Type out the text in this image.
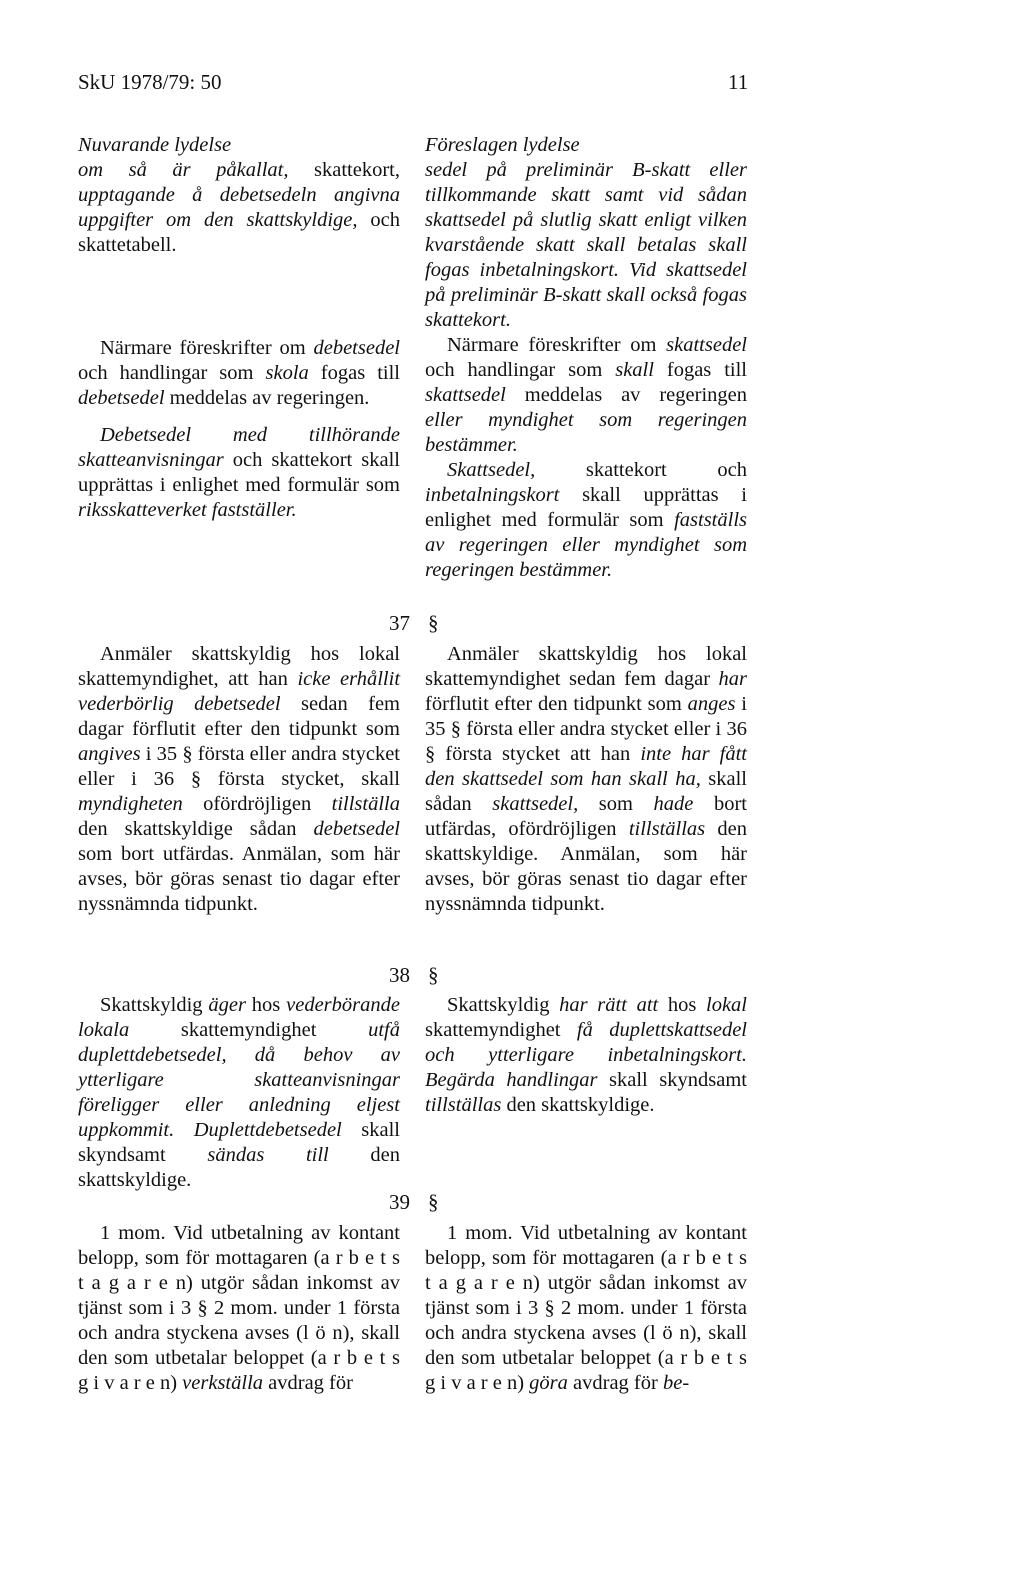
SkU 1978/79: 50	11

Nuvarande lydelse

om så är påkallat, skattekort, upptagande å debetsedeln angivna uppgifter om den skattskyldige, och skattetabell.

Närmare föreskrifter om debetsedel och handlingar som skola fogas till debetsedel meddelas av regeringen.

Debetsedel med tillhörande skatteanvisningar och skattekort skall upprättas i enlighet med formulär som riksskatteverket fastställer.

Föreslagen lydelse

sedel på preliminär B-skatt eller tillkommande skatt samt vid sådan skattsedel på slutlig skatt enligt vilken kvarstående skatt skall betalas skall fogas inbetalningskort. Vid skattsedel på preliminär B-skatt skall också fogas skattekort.

Närmare föreskrifter om skattsedel och handlingar som skall fogas till skattsedel meddelas av regeringen eller myndighet som regeringen bestämmer.

Skattsedel, skattekort och inbetalningskort skall upprättas i enlighet med formulär som fastställs av regeringen eller myndighet som regeringen bestämmer.

37 §

Anmäler skattskyldig hos lokal skattemyndighet, att han icke erhållit vederbörlig debetsedel sedan fem dagar förflutit efter den tidpunkt som angives i 35 § första eller andra stycket eller i 36 § första stycket, skall myndigheten ofördröjligen tillställa den skattskyldige sådan debetsedel som bort utfärdas. Anmälan, som här avses, bör göras senast tio dagar efter nyssnämnda tidpunkt.

Anmäler skattskyldig hos lokal skattemyndighet sedan fem dagar har förflutit efter den tidpunkt som anges i 35 § första eller andra stycket eller i 36 § första stycket att han inte har fått den skattsedel som han skall ha, skall sådan skattsedel, som hade bort utfärdas, ofördröjligen tillställas den skattskyldige. Anmälan, som här avses, bör göras senast tio dagar efter nyssnämnda tidpunkt.

38 §

Skattskyldig äger hos vederbörande lokala skattemyndighet utfå duplettdebetsedel, då behov av ytterligare skatteanvisningar föreligger eller anledning eljest uppkommit. Duplettdebetsedel skall skyndsamt sändas till den skattskyldige.

Skattskyldig har rätt att hos lokal skattemyndighet få duplettskattsedel och ytterligare inbetalningskort. Begärda handlingar skall skyndsamt tillställas den skattskyldige.

39 §

1 mom. Vid utbetalning av kontant belopp, som för mottagaren (a r b e t s t a g a r e n) utgör sådan inkomst av tjänst som i 3 § 2 mom. under 1 första och andra styckena avses (l ö n), skall den som utbetalar beloppet (a r b e t s g i v a r e n) verkställa avdrag för

1 mom. Vid utbetalning av kontant belopp, som för mottagaren (a r b e t s t a g a r e n) utgör sådan inkomst av tjänst som i 3 § 2 mom. under 1 första och andra styckena avses (l ö n), skall den som utbetalar beloppet (a r b e t s g i v a r e n) göra avdrag för be-
